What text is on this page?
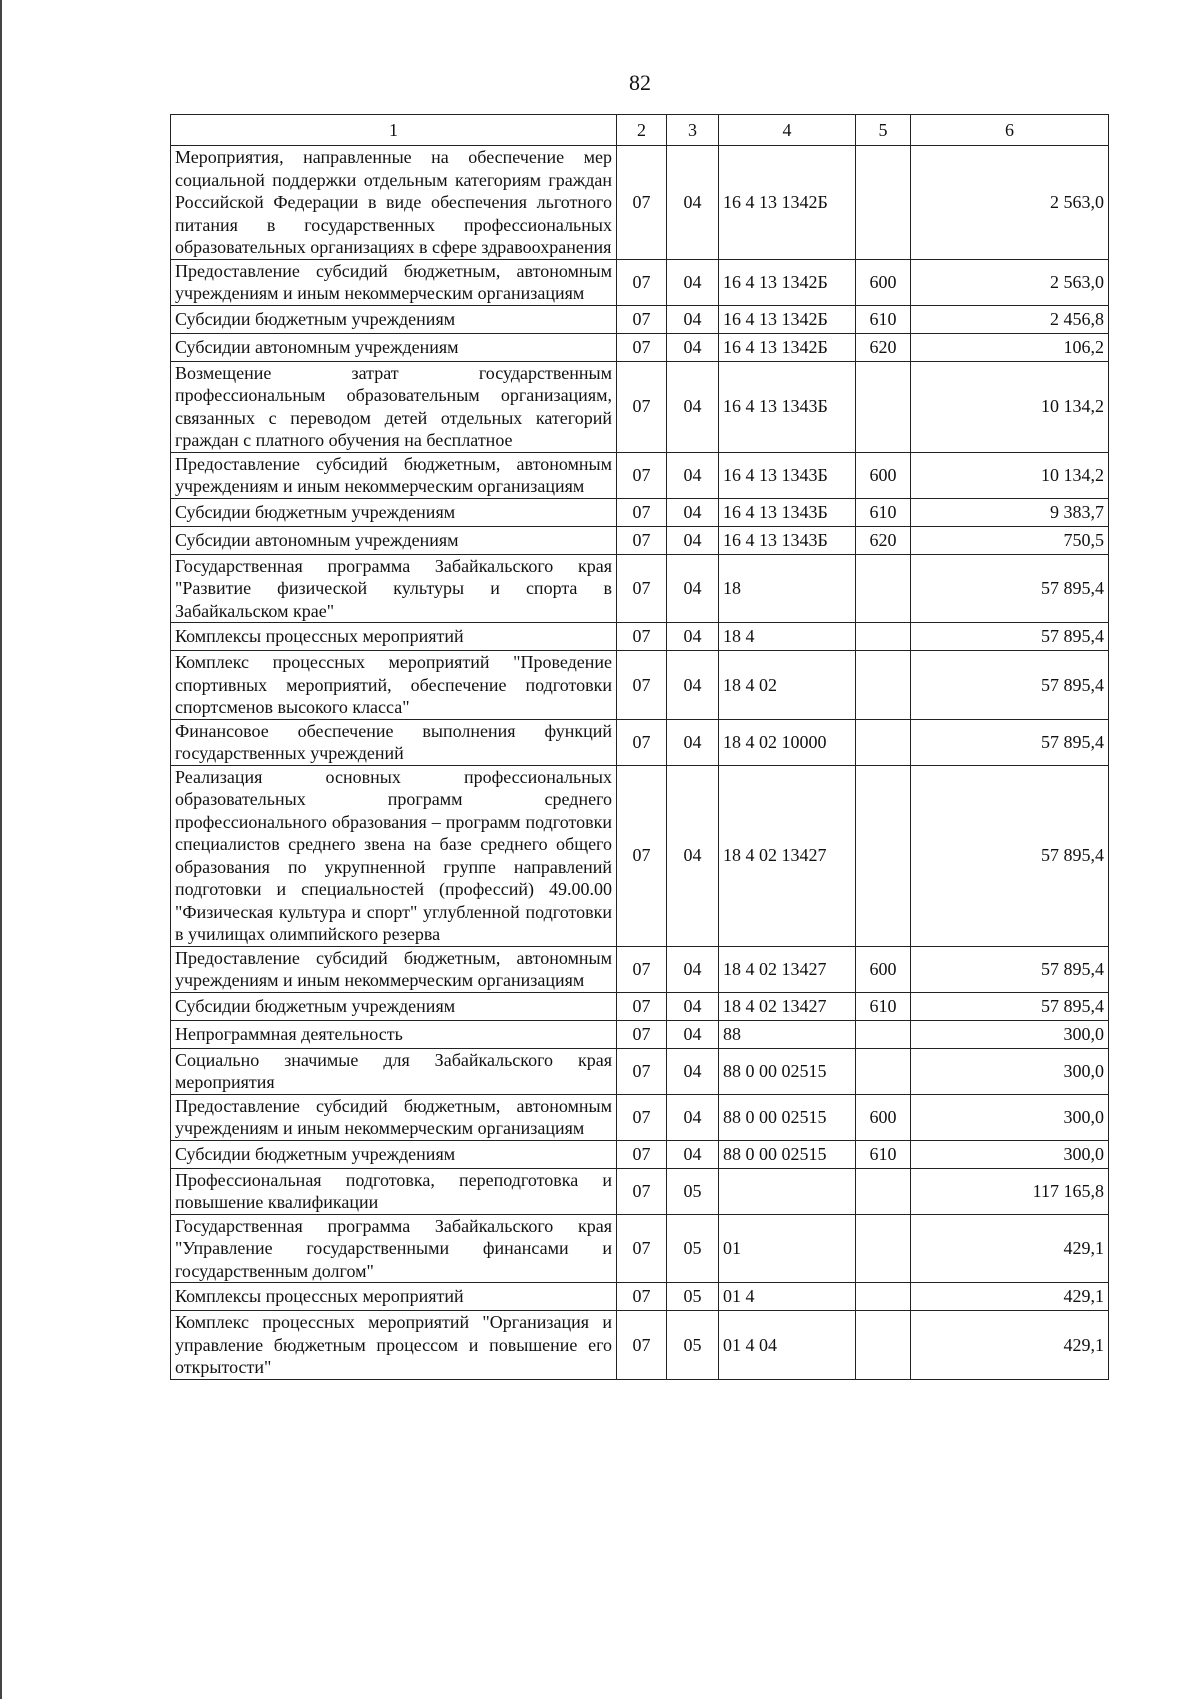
82
1	2	3	4	5	6
Мероприятия, направленные на обеспечение мер социальной поддержки отдельным категориям граждан Российской Федерации в виде обеспечения льготного питания в государственных профессиональных образовательных организациях в сфере здравоохранения	07	04	16 4 13 1342Б		2 563,0
Предоставление субсидий бюджетным, автономным учреждениям и иным некоммерческим организациям	07	04	16 4 13 1342Б	600	2 563,0
Субсидии бюджетным учреждениям	07	04	16 4 13 1342Б	610	2 456,8
Субсидии автономным учреждениям	07	04	16 4 13 1342Б	620	106,2
Возмещение затрат государственным профессиональным образовательным организациям, связанных с переводом детей отдельных категорий граждан с платного обучения на бесплатное	07	04	16 4 13 1343Б		10 134,2
Предоставление субсидий бюджетным, автономным учреждениям и иным некоммерческим организациям	07	04	16 4 13 1343Б	600	10 134,2
Субсидии бюджетным учреждениям	07	04	16 4 13 1343Б	610	9 383,7
Субсидии автономным учреждениям	07	04	16 4 13 1343Б	620	750,5
Государственная программа Забайкальского края "Развитие физической культуры и спорта в Забайкальском крае"	07	04	18		57 895,4
Комплексы процессных мероприятий	07	04	18 4		57 895,4
Комплекс процессных мероприятий "Проведение спортивных мероприятий, обеспечение подготовки спортсменов высокого класса"	07	04	18 4 02		57 895,4
Финансовое обеспечение выполнения функций государственных учреждений	07	04	18 4 02 10000		57 895,4
Реализация основных профессиональных образовательных программ среднего профессионального образования – программ подготовки специалистов среднего звена на базе среднего общего образования по укрупненной группе направлений подготовки и специальностей (профессий) 49.00.00 "Физическая культура и спорт" углубленной подготовки в училищах олимпийского резерва	07	04	18 4 02 13427		57 895,4
Предоставление субсидий бюджетным, автономным учреждениям и иным некоммерческим организациям	07	04	18 4 02 13427	600	57 895,4
Субсидии бюджетным учреждениям	07	04	18 4 02 13427	610	57 895,4
Непрограммная деятельность	07	04	88		300,0
Социально значимые для Забайкальского края мероприятия	07	04	88 0 00 02515		300,0
Предоставление субсидий бюджетным, автономным учреждениям и иным некоммерческим организациям	07	04	88 0 00 02515	600	300,0
Субсидии бюджетным учреждениям	07	04	88 0 00 02515	610	300,0
Профессиональная подготовка, переподготовка и повышение квалификации	07	05			117 165,8
Государственная программа Забайкальского края "Управление государственными финансами и государственным долгом"	07	05	01		429,1
Комплексы процессных мероприятий	07	05	01 4		429,1
Комплекс процессных мероприятий "Организация и управление бюджетным процессом и повышение его открытости"	07	05	01 4 04		429,1
